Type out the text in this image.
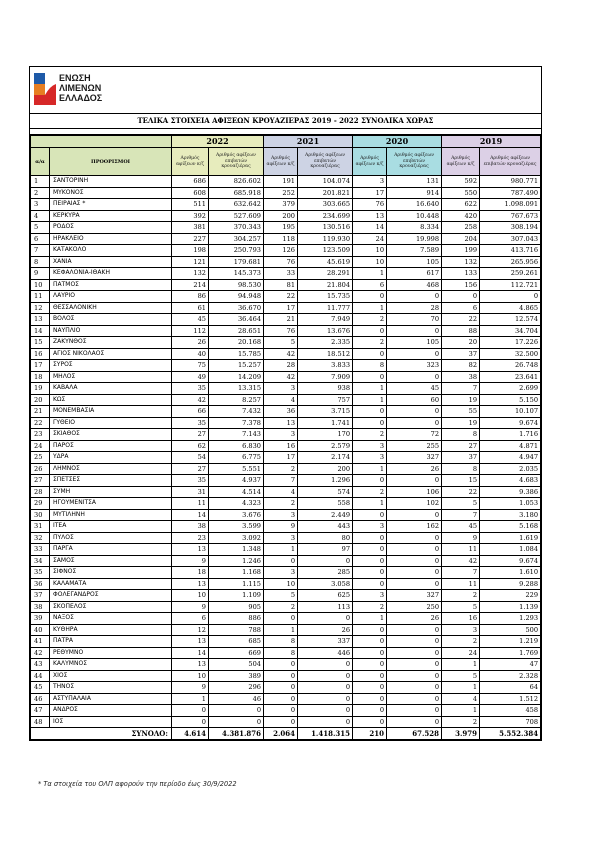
ΕΝΩΣΗ
ΛΙΜΕΝΩΝ
ΕΛΛΑΔΟΣ
ΤΕΛΙΚΑ ΣΤΟΙΧΕΙΑ ΑΦΙΞΕΩΝ ΚΡΟΥΑΖΙΕΡΑΣ 2019 - 2022 ΣΥΝΟΛΙΚΑ ΧΩΡΑΣ
		2022		2021		2020		2019	
α/α	ΠΡΟΟΡΙΣΜΟΙ	Αριθμός αφίξεων κ/ζ	Αριθμός αφίξεων επιβατών κρουαζιέρας	Αριθμός αφίξεων κ/ζ	Αριθμός αφίξεων επιβατών κρουαζιέρας	Αριθμός αφίξεων κ/ζ	Αριθμός αφίξεων επιβατών κρουαζιέρας	Αριθμός αφίξεων κ/ζ	Αριθμός αφίξεων επιβατών κρουαζιέρας
1	ΣΑΝΤΟΡΙΝΗ	686	826.602	191	104.074	3	131	592	980.771
2	ΜΥΚΟΝΟΣ	608	685.918	252	201.821	17	914	550	787.490
3	ΠΕΙΡΑΙΑΣ *	511	632.642	379	303.665	76	16.640	622	1.098.091
4	ΚΕΡΚΥΡΑ	392	527.609	200	234.699	13	10.448	420	767.673
5	ΡΟΔΟΣ	381	370.343	195	130.516	14	8.334	258	308.194
6	ΗΡΑΚΛΕΙΟ	227	304.257	118	119.930	24	19.998	204	307.043
7	ΚΑΤΑΚΟΛΟ	198	250.793	126	123.509	10	7.589	199	413.716
8	ΧΑΝΙΑ	121	179.681	76	45.619	10	105	132	265.956
9	ΚΕΦΑΛΟΝΙΑ-ΙΘΑΚΗ	132	145.373	33	28.291	1	617	133	259.261
10	ΠΑΤΜΟΣ	214	98.530	81	21.804	6	468	156	112.721
11	ΛΑΥΡΙΟ	86	94.948	22	15.735	0	0	0	0
12	ΘΕΣΣΑΛΟΝΙΚΗ	61	36.670	17	11.777	1	28	6	4.865
13	ΒΟΛΟΣ	45	36.464	21	7.949	2	70	22	12.574
14	ΝΑΥΠΛΙΟ	112	28.651	76	13.676	0	0	88	34.704
15	ΖΑΚΥΝΘΟΣ	26	20.168	5	2.335	2	105	20	17.226
16	ΑΓΙΟΣ ΝΙΚΟΛΑΟΣ	40	15.785	42	18.512	0	0	37	32.500
17	ΣΥΡΟΣ	75	15.257	28	3.833	8	323	82	26.748
18	ΜΗΛΟΣ	49	14.209	42	7.909	0	0	38	23.641
19	ΚΑΒΑΛΑ	35	13.315	3	938	1	45	7	2.699
20	ΚΩΣ	42	8.257	4	757	1	60	19	5.150
21	ΜΟΝΕΜΒΑΣΙΑ	66	7.432	36	3.715	0	0	55	10.107
22	ΓΥΘΕΙΟ	35	7.378	13	1.741	0	0	19	9.674
23	ΣΚΙΑΘΟΣ	27	7.143	3	170	2	72	8	1.716
24	ΠΑΡΟΣ	62	6.830	16	2.579	3	255	27	4.871
25	ΥΔΡΑ	54	6.775	17	2.174	3	327	37	4.947
26	ΛΗΜΝΟΣ	27	5.551	2	200	1	26	8	2.035
27	ΣΠΕΤΣΕΣ	35	4.937	7	1.296	0	0	15	4.683
28	ΣΥΜΗ	31	4.514	4	574	2	106	22	9.386
29	ΗΓΟΥΜΕΝΙΤΣΑ	11	4.323	2	558	1	102	5	1.053
30	ΜΥΤΙΛΗΝΗ	14	3.676	3	2.449	0	0	7	3.180
31	ΙΤΕΑ	38	3.599	9	443	3	162	45	5.168
32	ΠΥΛΟΣ	23	3.092	3	80	0	0	9	1.619
33	ΠΑΡΓΑ	13	1.348	1	97	0	0	11	1.084
34	ΣΑΜΟΣ	9	1.246	0	0	0	0	42	9.674
35	ΣΙΦΝΟΣ	18	1.168	3	285	0	0	7	1.610
36	ΚΑΛΑΜΑΤΑ	13	1.115	10	3.058	0	0	11	9.288
37	ΦΟΛΕΓΑΝΔΡΟΣ	10	1.109	5	625	3	327	2	229
38	ΣΚΟΠΕΛΟΣ	9	905	2	113	2	250	5	1.139
39	ΝΑΞΟΣ	6	886	0	0	1	26	16	1.293
40	ΚΥΘΗΡΑ	12	788	1	26	0	0	3	500
41	ΠΑΤΡΑ	13	685	8	337	0	0	2	1.219
42	ΡΕΘΥΜΝΟ	14	669	8	446	0	0	24	1.769
43	ΚΑΛΥΜΝΟΣ	13	504	0	0	0	0	1	47
44	ΧΙΟΣ	10	389	0	0	0	0	5	2.328
45	ΤΗΝΟΣ	9	296	0	0	0	0	1	64
46	ΑΣΤΥΠΑΛΑΙΑ	1	46	0	0	0	0	4	1.512
47	ΑΝΔΡΟΣ	0	0	0	0	0	0	1	458
48	ΙΟΣ	0	0	0	0	0	0	2	708
ΣΥΝΟΛΟ:		4.614	4.381.876	2.064	1.418.315	210	67.528	3.979	5.552.384
* Τα στοιχεία του ΟΛΠ αφορούν την περίοδο έως 30/9/2022
